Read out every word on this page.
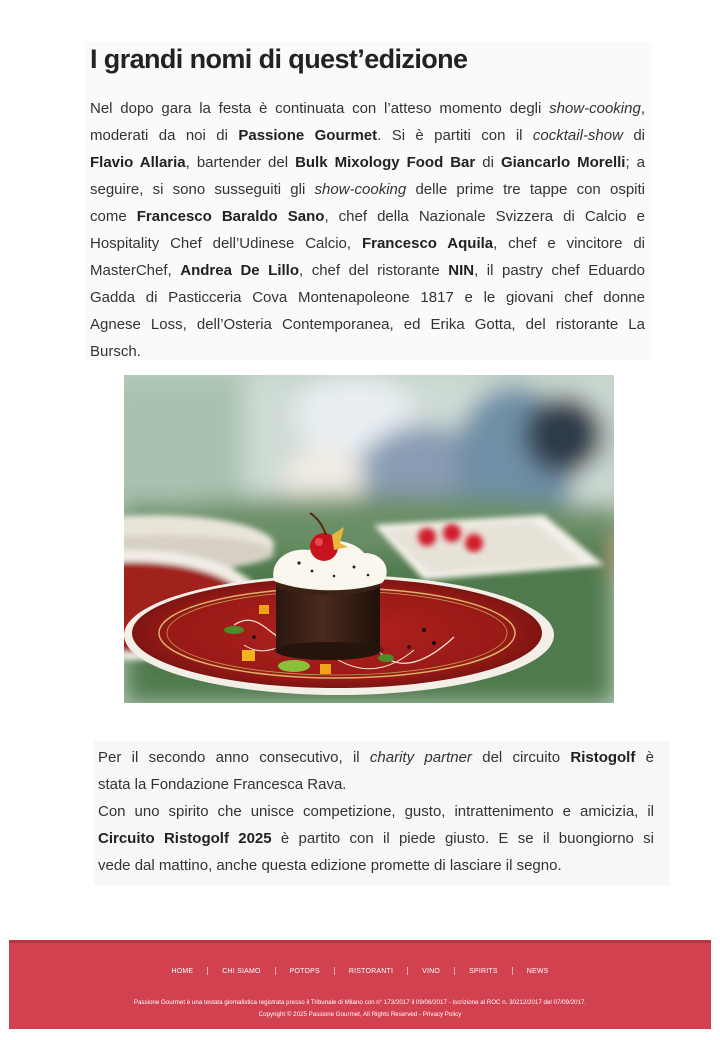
I grandi nomi di quest’edizione
Nel dopo gara la festa è continuata con l’atteso momento degli show-cooking,
moderati da noi di Passione Gourmet. Si è partiti con il cocktail-show di
Flavio Allaria, bartender del Bulk Mixology Food Bar di Giancarlo Morelli; a
seguire, si sono susseguiti gli show-cooking delle prime tre tappe con ospiti
come Francesco Baraldo Sano, chef della Nazionale Svizzera di Calcio e
Hospitality Chef dell’Udinese Calcio, Francesco Aquila, chef e vincitore di
MasterChef, Andrea De Lillo, chef del ristorante NIN, il pastry chef Eduardo
Gadda di Pasticceria Cova Montenapoleone 1817 e le giovani chef donne
Agnese Loss, dell’Osteria Contemporanea, ed Erika Gotta, del ristorante La
Bursch.
Per il secondo anno consecutivo, il charity partner del circuito Ristogolf è
stata la Fondazione Francesca Rava.
Con uno spirito che unisce competizione, gusto, intrattenimento e amicizia, il
Circuito Ristogolf 2025 è partito con il piede giusto. E se il buongiorno si
vede dal mattino, anche questa edizione promette di lasciare il segno.
HOME	CHI SIAMO	POTOPS	RISTORANTI	VINO	SPIRITS	NEWS
Passione Gourmet è una testata giornalistica registrata presso il Tribunale di Milano con n° 173/2017 il 09/06/2017 - Iscrizione al ROC n. 30212/2017 del 07/09/2017.
Copyright © 2025 Passione Gourmet, All Rights Reserved - Privacy Policy
